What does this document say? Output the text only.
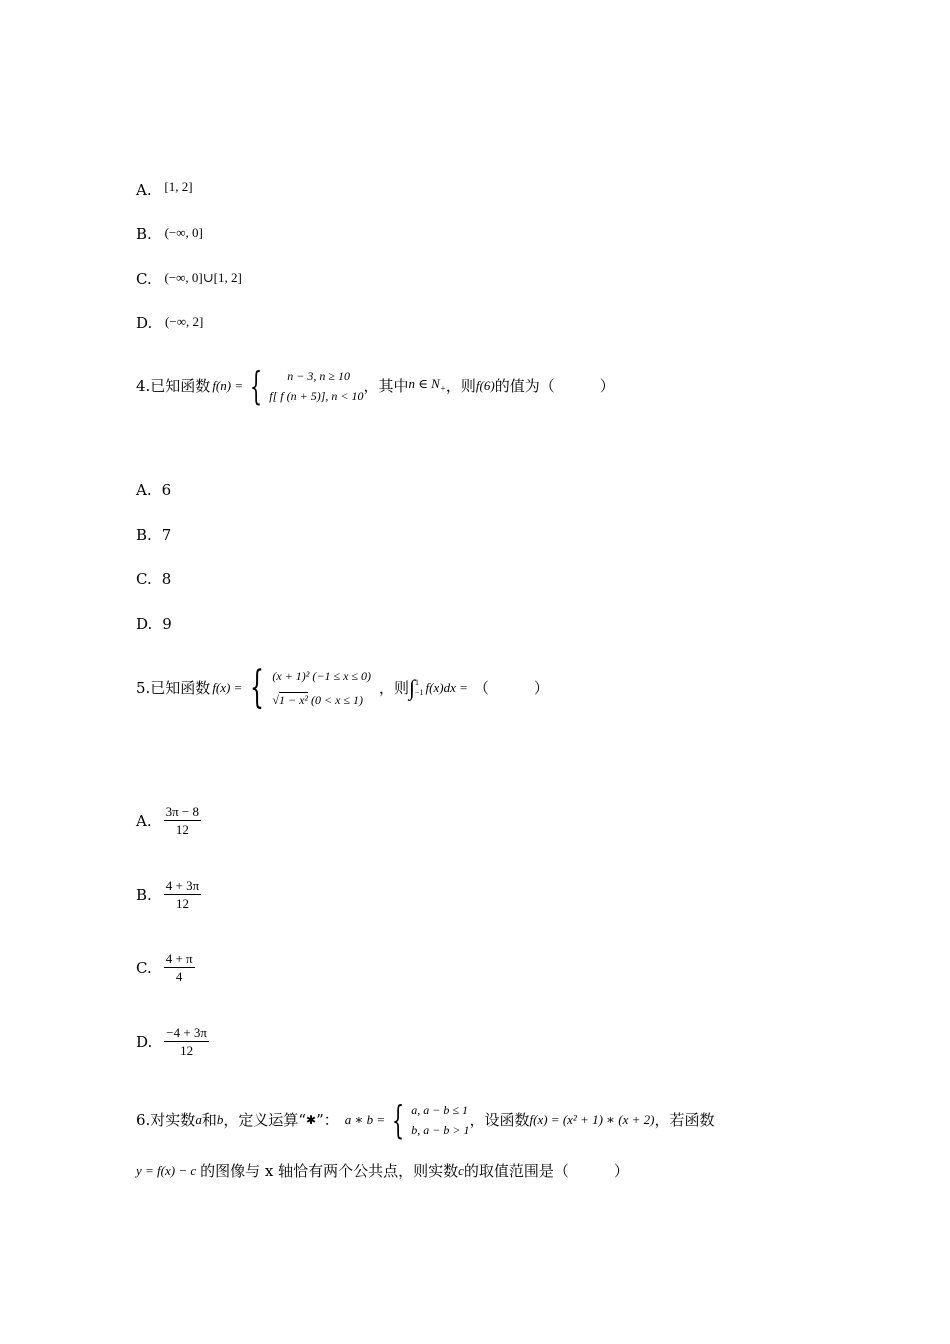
A. [1, 2]
B. (−∞, 0]
C. (−∞, 0]∪[1, 2]
D. (−∞, 2]
4.已知函数 f(n) = {	n − 3, n ≥ 10
f[ f (n + 5)], n < 10
，其中 n ∈ $N_+$ ，则 f(6) 的值为（　　　）
A. 6
B. 7
C. 8
D. 9
5.已知函数 f(x) = { (x + 1)² (−1 ≤ x ≤ 0)
√1 − x² (0 < x ≤ 1)
，则 ∫ 1
−1 f(x)dx = （　　　）
A. $\frac{3\pi - 8}{12}$
B. $\frac{4 + 3\pi}{12}$
C. $\frac{4 + \pi}{4}$
D. $\frac{-4 + 3\pi}{12}$
6.对实数 a 和 b ，定义运算“ ✱ ”： a ∗ b = { a, a − b ≤ 1
b, a − b > 1
，设函数 f(x) = (x² + 1) ∗ (x + 2) ，若函数
y = f(x) − c 的图像与 x 轴恰有两个公共点，则实数 c 的取值范围是（　　　）
